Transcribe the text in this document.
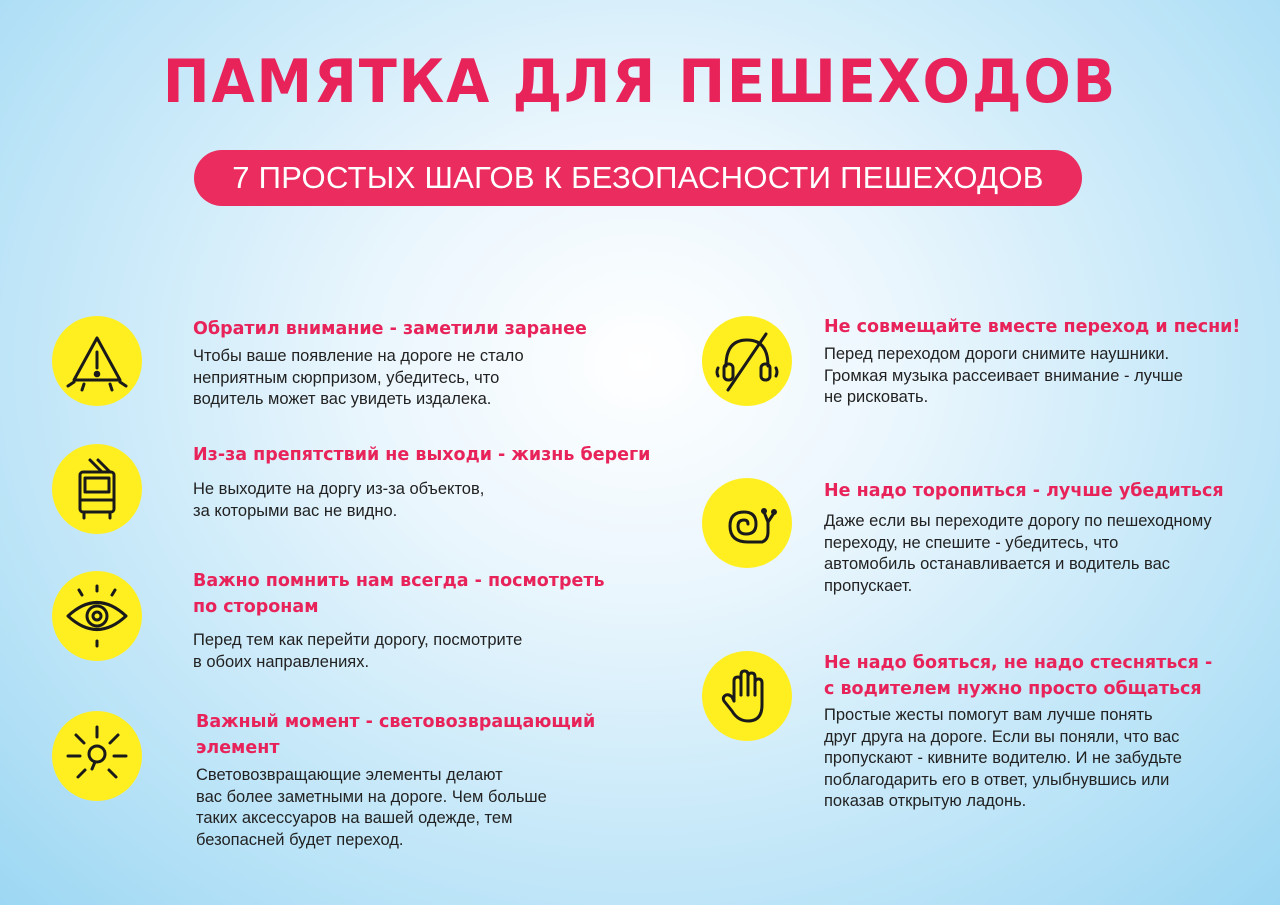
ПАМЯТКА ДЛЯ ПЕШЕХОДОВ
7 ПРОСТЫХ ШАГОВ К БЕЗОПАСНОСТИ ПЕШЕХОДОВ
Обратил внимание - заметили заранее
Чтобы ваше появление на дороге не стало
неприятным сюрпризом, убедитесь, что
водитель может вас увидеть издалека.
Из-за препятствий не выходи - жизнь береги
Не выходите на доргу из-за объектов,
за которыми вас не видно.
Важно помнить нам всегда - посмотреть
по сторонам
Перед тем как перейти дорогу, посмотрите
в обоих направлениях.
Важный момент - световозвращающий
элемент
Световозвращающие элементы делают
вас более заметными на дороге. Чем больше
таких аксессуаров на вашей одежде, тем
безопасней будет переход.
Не совмещайте вместе переход и песни!
Перед переходом дороги снимите наушники.
Громкая музыка рассеивает внимание - лучше
не рисковать.
Не надо торопиться - лучше убедиться
Даже если вы переходите дорогу по пешеходному
переходу, не спешите - убедитесь, что
автомобиль останавливается и водитель вас
пропускает.
Не надо бояться, не надо стесняться -
с водителем нужно просто общаться
Простые жесты помогут вам лучше понять
друг друга на дороге. Если вы поняли, что вас
пропускают - кивните водителю. И не забудьте
поблагодарить его в ответ, улыбнувшись или
показав открытую ладонь.
